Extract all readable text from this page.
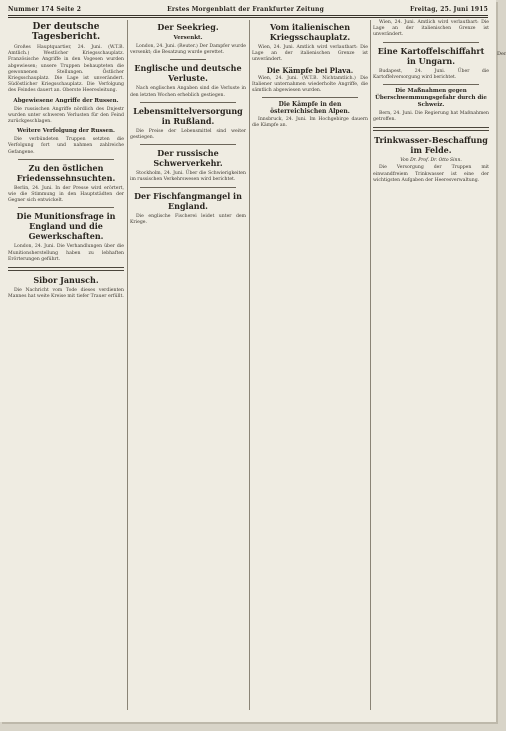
Nummer 174 Seite 2	Erstes Morgenblatt der Frankfurter Zeitung	Freitag, 25. Juni 1915
Der deutsche Tagesbericht.

Großes Hauptquartier, 24. Juni. (W.T.B. Amtlich.) Westlicher Kriegsschauplatz. Französische Angriffe in den Vogesen wurden abgewiesen; unsere Truppen behaupteten die gewonnenen Stellungen. Östlicher Kriegsschauplatz. Die Lage ist unverändert. Südöstlicher Kriegsschauplatz. Die Verfolgung des Feindes dauert an. Oberste Heeresleitung.

Abgewiesene Angriffe der Russen.

Die russischen Angriffe nördlich des Dnjestr wurden unter schweren Verlusten für den Feind zurückgeschlagen.

Weitere Verfolgung der Russen.

Die verbündeten Truppen setzten die Verfolgung fort und nahmen zahlreiche Gefangene.

Zu den östlichen Friedenssehnsuchten.

Berlin, 24. Juni. In der Presse wird erörtert, wie die Stimmung in den Hauptstädten der Gegner sich entwickelt.

Die Munitionsfrage in England und die Gewerkschaften.

London, 24. Juni. Die Verhandlungen über die Munitionsherstellung haben zu lebhaften Erörterungen geführt.

Sibor Janusch.

Die Nachricht vom Tode dieses verdienten Mannes hat weite Kreise mit tiefer Trauer erfüllt.

Der Seekrieg.
Versenkt.

London, 24. Juni. (Reuter.) Der Dampfer wurde versenkt; die Besatzung wurde gerettet.

Englische und deutsche Verluste.

Nach englischen Angaben sind die Verluste in den letzten Wochen erheblich gestiegen.

Lebensmittelversorgung in Rußland.

Die Preise der Lebensmittel sind weiter gestiegen.

Der russische Schwerverkehr.

Stockholm, 24. Juni. Über die Schwierigkeiten im russischen Verkehrswesen wird berichtet.

Der Fischfangmangel in England.

Die englische Fischerei leidet unter dem Kriege.

Vom italienischen Kriegsschauplatz.

Wien, 24. Juni. Amtlich wird verlautbart: Die Lage an der italienischen Grenze ist unverändert.

Die Kämpfe bei Plava.

Wien, 24. Juni. (W.T.B. Nichtamtlich.) Die Italiener unternahmen wiederholte Angriffe, die sämtlich abgewiesen wurden.

Die Kämpfe in den österreichischen Alpen.

Innsbruck, 24. Juni. Im Hochgebirge dauern die Kämpfe an.

Wien, 24. Juni. Amtlich wird verlautbart: Die Lage an der italienischen Grenze ist unverändert.

Eine Kartoffelschiffahrt in Ungarn.

Budapest, 24. Juni. Über die Kartoffelversorgung wird berichtet.

Die Maßnahmen gegen Überschwemmungsgefahr durch die Schweiz.

Bern, 24. Juni. Die Regierung hat Maßnahmen getroffen.

Trinkwasser-Beschaffung im Felde.
Von Dr. Prof. Dr. Otto Sinn.

Die Versorgung der Truppen mit einwandfreiem Trinkwasser ist eine der wichtigsten Aufgaben der Heeresverwaltung.

Der
